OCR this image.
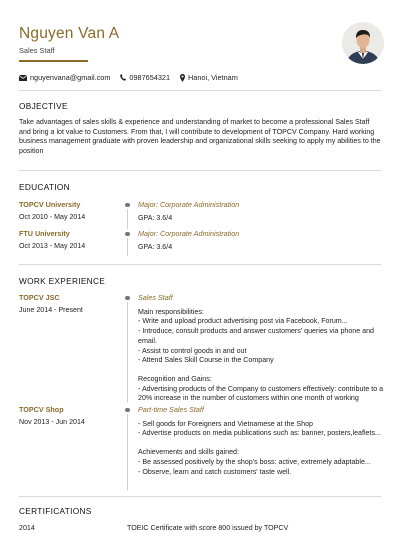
Nguyen Van A
Sales Staff
nguyenvana@gmail.com	0987654321 Hanoi, Vietnam
OBJECTIVE
Take advantages of sales skills & experience and understanding of market to become a professional Sales Staff and bring a lot value to Customers. From that, I will contribute to development of TOPCV Company. Hard working business management graduate with proven leadership and organizational skills seeking to apply my abilities to the position
EDUCATION
TOPCV University
Oct 2010 - May 2014
Major: Corporate Administration
GPA: 3.6/4
FTU University
Oct 2013 - May 2014
Major: Corporate Administration
GPA: 3.6/4
WORK EXPERIENCE
TOPCV JSC
June 2014 - Present
Sales Staff
Main responsibilities:
- Write and upload product advertising post via Facebook, Forum...
- Introduce, consult products and answer customers' queries via phone and email.
- Assist to control goods in and out
- Attend Sales Skill Course in the Company
Recognition and Gains:
- Advertising products of the Company to customers effectively: contribute to a 20% increase in the number of customers within one month of working
TOPCV Shop
Nov 2013 - Jun 2014
Part-time Sales Staff
- Sell goods for Foreigners and Vietnamese at the Shop
- Advertise products on media publications such as: banner, posters,leaflets...
Achievements and skills gained:
- Be assessed positively by the shop's boss: active, extremely adaptable...
- Observe, learn and catch customers' taste well.
CERTIFICATIONS
2014	TOEIC Certificate with score 800 issued by TOPCV
